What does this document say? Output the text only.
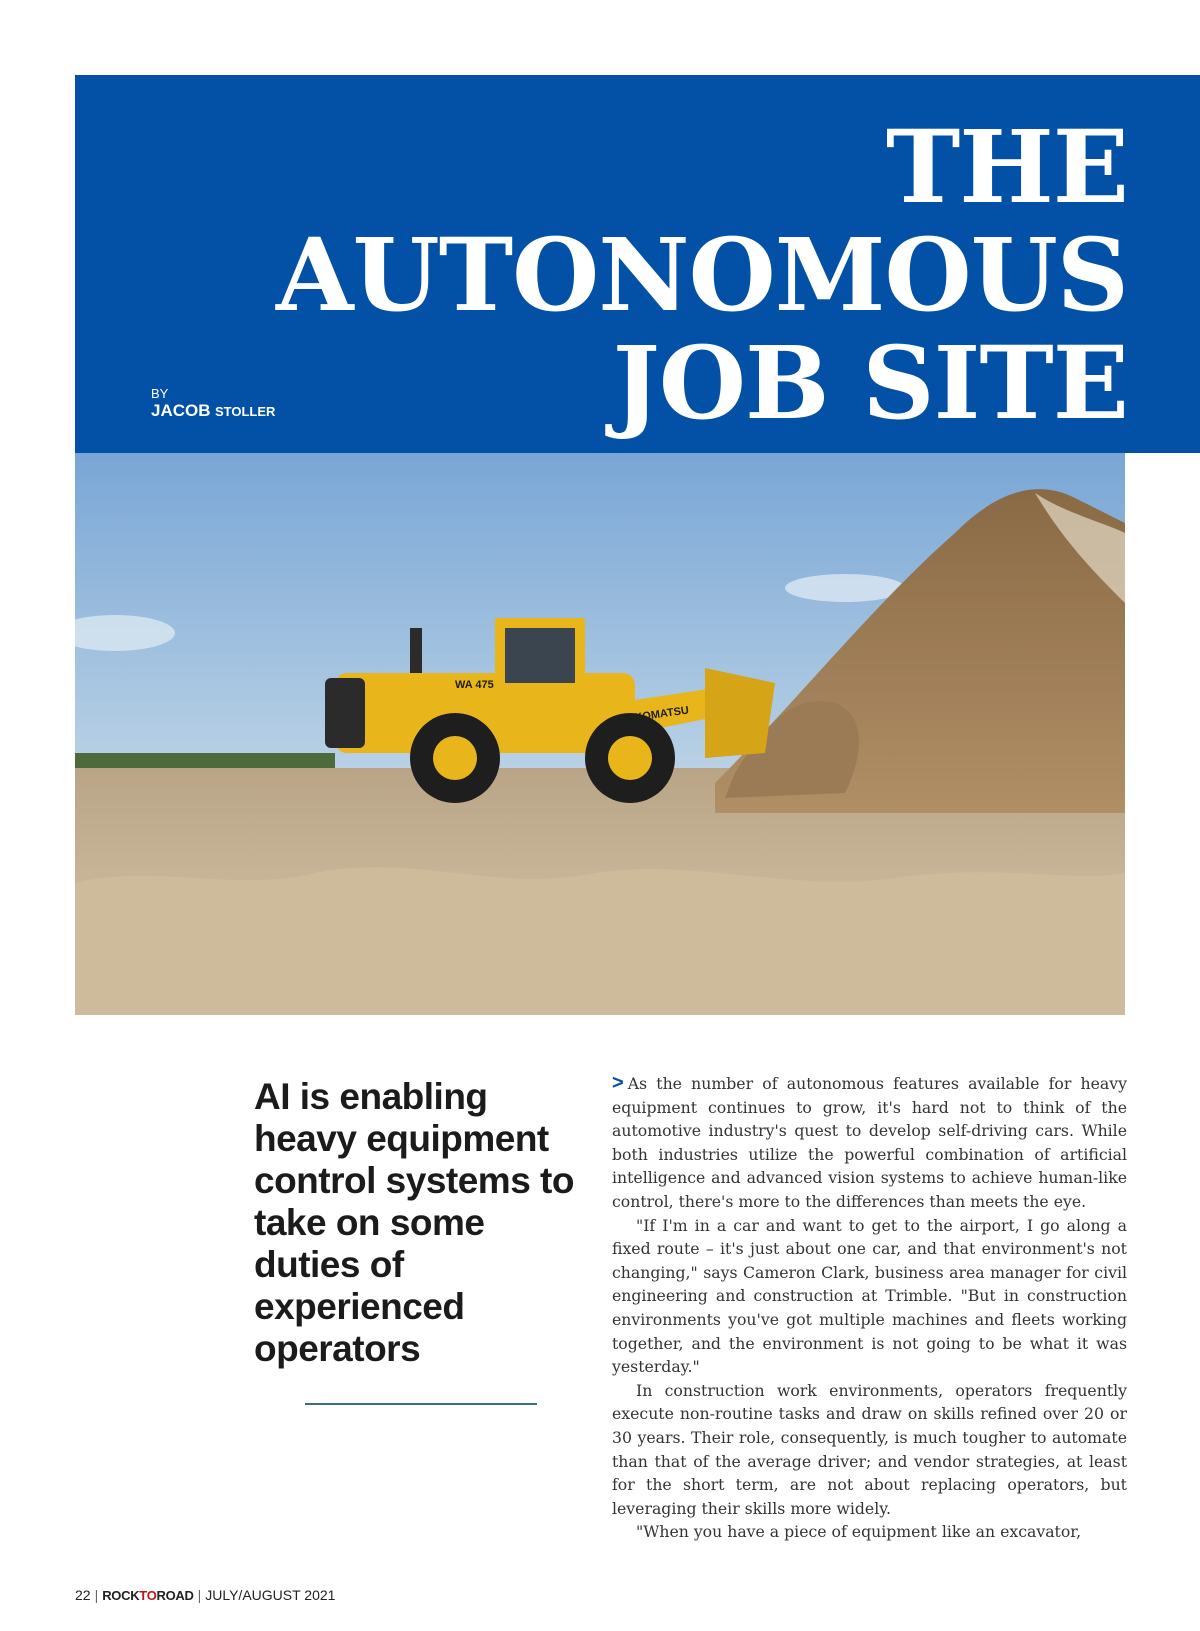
THE
AUTONOMOUS
JOB SITE
BY
JACOB STOLLER
WA 475
KOMATSU

AI is enabling heavy equipment control systems to take on some duties of experienced operators

> As the number of autonomous features available for heavy equipment continues to grow, it's hard not to think of the automotive industry's quest to develop self-driving cars. While both industries utilize the powerful combination of artificial intelligence and advanced vision systems to achieve human-like control, there's more to the differences than meets the eye.

"If I'm in a car and want to get to the airport, I go along a fixed route – it's just about one car, and that environment's not changing," says Cameron Clark, business area manager for civil engineering and construction at Trimble. "But in construction environments you've got multiple machines and fleets working together, and the environment is not going to be what it was yesterday."

In construction work environments, operators frequently execute non-routine tasks and draw on skills refined over 20 or 30 years. Their role, consequently, is much tougher to automate than that of the average driver; and vendor strategies, at least for the short term, are not about replacing operators, but leveraging their skills more widely.

"When you have a piece of equipment like an excavator,

22 | ROCKTOROAD | JULY/AUGUST 2021
